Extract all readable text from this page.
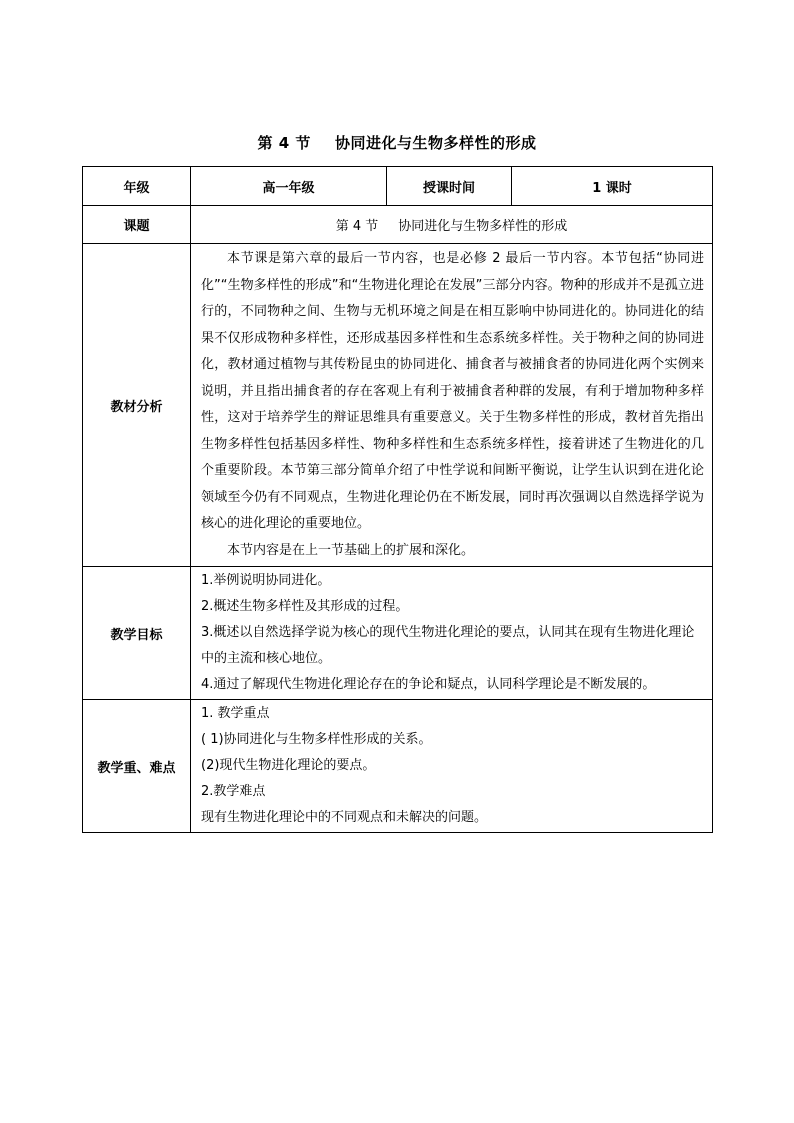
第 4 节 协同进化与生物多样性的形成
年级	高一年级	授课时间	1 课时
课题	第 4 节 协同进化与生物多样性的形成		
教材分析	本节课是第六章的最后一节内容，也是必修 2 最后一节内容。本节包括“协同进化”“生物多样性的形成”和“生物进化理论在发展”三部分内容。物种的形成并不是孤立进行的，不同物种之间、生物与无机环境之间是在相互影响中协同进化的。协同进化的结果不仅形成物种多样性，还形成基因多样性和生态系统多样性。关于物种之间的协同进化，教材通过植物与其传粉昆虫的协同进化、捕食者与被捕食者的协同进化两个实例来说明，并且指出捕食者的存在客观上有利于被捕食者种群的发展，有利于增加物种多样性，这对于培养学生的辩证思维具有重要意义。关于生物多样性的形成，教材首先指出生物多样性包括基因多样性、物种多样性和生态系统多样性，接着讲述了生物进化的几个重要阶段。本节第三部分简单介绍了中性学说和间断平衡说，让学生认识到在进化论领域至今仍有不同观点，生物进化理论仍在不断发展，同时再次强调以自然选择学说为核心的进化理论的重要地位。

本节内容是在上一节基础上的扩展和深化。		

教学目标	1.举例说明协同进化。
2.概述生物多样性及其形成的过程。
3.概述以自然选择学说为核心的现代生物进化理论的要点，认同其在现有生物进化理论中的主流和核心地位。
4.通过了解现代生物进化理论存在的争论和疑点，认同科学理论是不断发展的。		

教学重、难点	1. 教学重点
( 1)协同进化与生物多样性形成的关系。
(2)现代生物进化理论的要点。
2.教学难点
现有生物进化理论中的不同观点和未解决的问题。		
